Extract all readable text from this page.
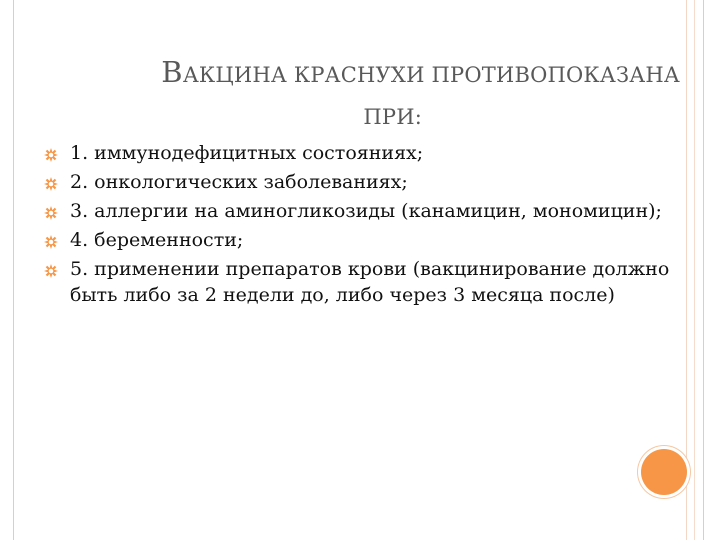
ВАКЦИНА КРАСНУХИ ПРОТИВОПОКАЗАНА
ПРИ:
1. иммунодефицитных состояниях;
2. онкологических заболеваниях;
3. аллергии на аминогликозиды (канамицин, мономицин);
4. беременности;
5. применении препаратов крови (вакцинирование должно быть либо за 2 недели до, либо через 3 месяца после)
